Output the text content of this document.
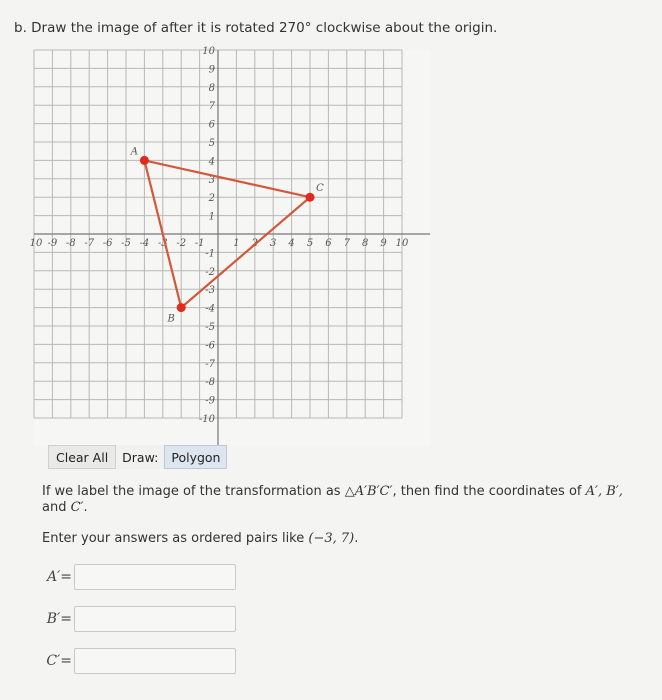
b. Draw the image of after it is rotated 270° clockwise about the origin.
10 -9 -8 -7 -6 -5 -4 -3 -2 -1	1 2 3 4 5 6 7 8 9 10
10
9
8
7
6
5
4
3
2
1
-1
-2
-3
-4
-5
-6
-7
-8
-9
-10
A
B
C
Clear All	Draw:	Polygon
If we label the image of the transformation as △A′B′C′, then find the coordinates of A′, B′, and C′.
Enter your answers as ordered pairs like (−3, 7).
A′=
B′=
C′=
